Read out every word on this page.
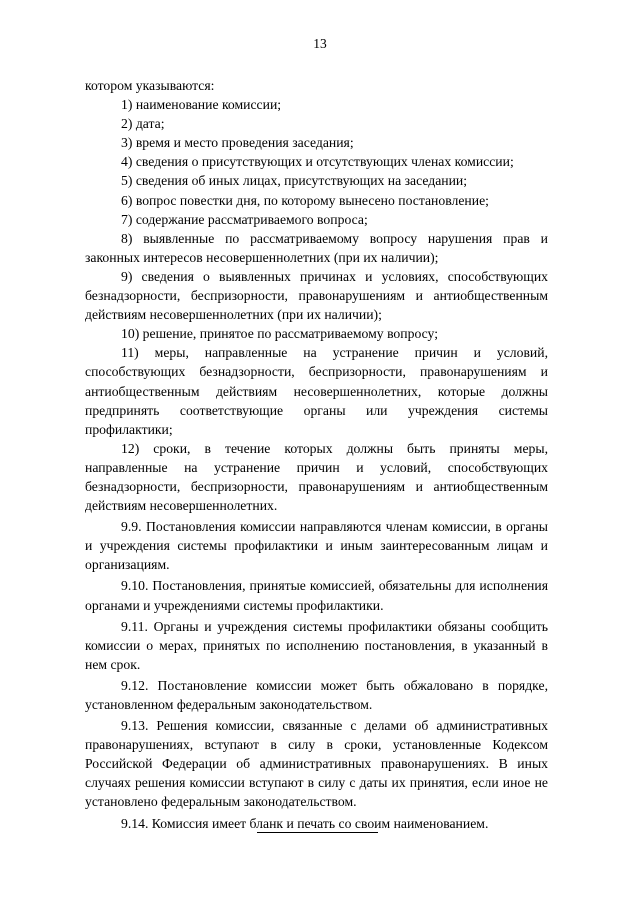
13

котором указываются:

1) наименование комиссии;

2) дата;

3) время и место проведения заседания;

4) сведения о присутствующих и отсутствующих членах комиссии;

5) сведения об иных лицах, присутствующих на заседании;

6) вопрос повестки дня, по которому вынесено постановление;

7) содержание рассматриваемого вопроса;

8) выявленные по рассматриваемому вопросу нарушения прав и законных интересов несовершеннолетних (при их наличии);

9) сведения о выявленных причинах и условиях, способствующих безнадзорности, беспризорности, правонарушениям и антиобщественным действиям несовершеннолетних (при их наличии);

10) решение, принятое по рассматриваемому вопросу;

11) меры, направленные на устранение причин и условий, способствующих безнадзорности, беспризорности, правонарушениям и антиобщественным действиям несовершеннолетних, которые должны предпринять соответствующие органы или учреждения системы профилактики;

12) сроки, в течение которых должны быть приняты меры, направленные на устранение причин и условий, способствующих безнадзорности, беспризорности, правонарушениям и антиобщественным действиям несовершеннолетних.

9.9. Постановления комиссии направляются членам комиссии, в органы и учреждения системы профилактики и иным заинтересованным лицам и организациям.

9.10. Постановления, принятые комиссией, обязательны для исполнения органами и учреждениями системы профилактики.

9.11. Органы и учреждения системы профилактики обязаны сообщить комиссии о мерах, принятых по исполнению постановления, в указанный в нем срок.

9.12. Постановление комиссии может быть обжаловано в порядке, установленном федеральным законодательством.

9.13. Решения комиссии, связанные с делами об административных правонарушениях, вступают в силу в сроки, установленные Кодексом Российской Федерации об административных правонарушениях. В иных случаях решения комиссии вступают в силу с даты их принятия, если иное не установлено федеральным законодательством.

9.14. Комиссия имеет бланк и печать со своим наименованием.
